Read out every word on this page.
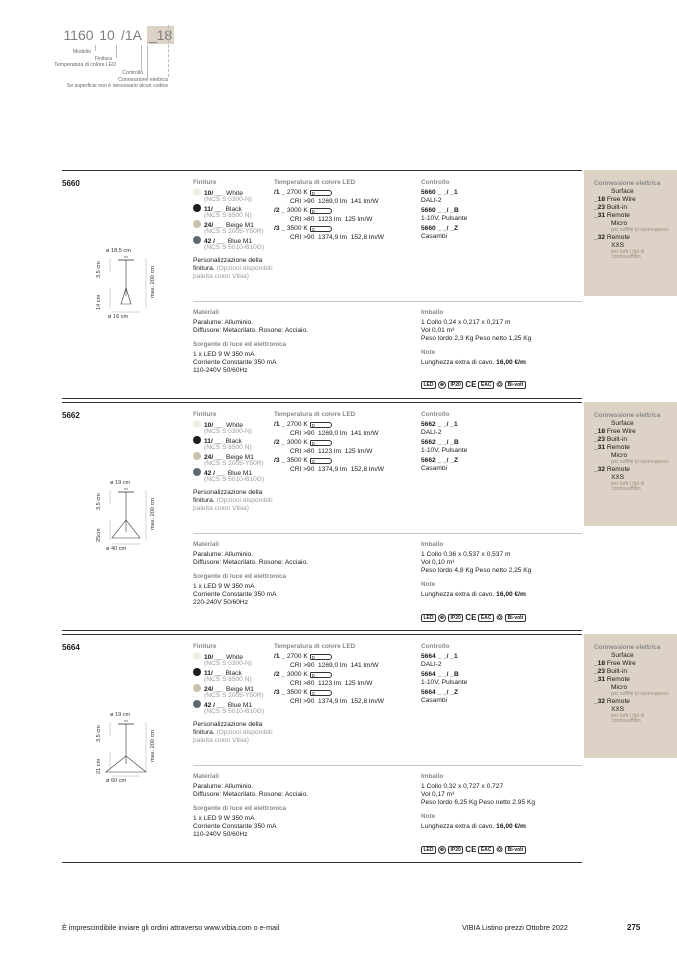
1160 10 /1A _18
Modello
Finitura
Temperatura di colore LED
Controllo
Connessione elettrica
Se superficie non è necessario alcun codice
5660
ø 18,5 cm
3,5 cm
14 cm
max. 200 cm
ø 16 cm
Finiture
10/ __ White
(NCS S 0300-N)
11/ __ Black
(NCS S 8500 N)
24/ __ Beige M1
(NCS S 2005-Y50R)
42 / __ Blue M1
(NCS S 5010-B10G)
Personalizzazione della finitura. (Opzioni disponibili: paletta colori Vibia)
Temperatura di colore LED
/1 _ 2700 K D
CRI >90 1269,0 lm 141 lm/W
/2 _ 3000 K D
CRI >80 1123 lm 125 lm/W
/3 _ 3500 K G
CRI >90 1374,9 lm 152,8 lm/W
Controllo
5660 _ _/ _1
DALI-2
5660 _ _/ _B
1-10V, Pulsante
5660 _ _/ _Z
Casambi
Connessione elettrica
Surface
_18 Free Wire
_23 Built-in
_31 Remote
Micro
per soffitti in cartongesso
_32 Remote
XXS
per tutti i tipi di controsoffitto
Materiali
Paralume: Alluminio.
Diffusore: Metacrilato. Rosone: Acciaio.
Sorgente di luce ed elettronica
1 x LED 9 W 350 mA
Corriente Constante 350 mA
110-240V 50/60Hz
Imballo
1 Collo 0,24 x 0,217 x 0,217 m
Vol 0,01 m³
Peso lordo 2,3 Kg Peso netto 1,25 Kg
Note
Lunghezza extra di cavo. 16,00 €/m
LED ⊕ IP20 CE EAC ♲ Bi-volt
5662
ø 19 cm
3,5 cm
25cm
max. 200 cm
ø 40 cm
Finiture
10/ __ White
(NCS S 0300-N)
11/ __ Black
(NCS S 8500 N)
24/ __ Beige M1
(NCS S 2005-Y50R)
42 / __ Blue M1
(NCS S 5010-B10G)
Personalizzazione della finitura. (Opzioni disponibili: paletta colori Vibia)
Temperatura di colore LED
/1 _ 2700 K D
CRI >90 1269,0 lm 141 lm/W
/2 _ 3000 K D
CRI >80 1123 lm 125 lm/W
/3 _ 3500 K G
CRI >90 1374,9 lm 152,8 lm/W
Controllo
5662 _ _/ _1
DALI-2
5662 _ _/ _B
1-10V, Pulsante
5662 _ _/ _Z
Casambi
Connessione elettrica
Surface
_18 Free Wire
_23 Built-in
_31 Remote
Micro
per soffitti in cartongesso
_32 Remote
XXS
per tutti i tipi di controsoffitto
Materiali
Paralume: Alluminio.
Diffusore: Metacrilato. Rosone: Acciaio.
Sorgente di luce ed elettronica
1 x LED 9 W 350 mA
Corriente Constante 350 mA
220-240V 50/60Hz
Imballo
1 Collo 0,36 x 0,537 x 0,537 m
Vol 0,10 m³
Peso lordo 4,8 Kg Peso netto 2,25 Kg
Note
Lunghezza extra di cavo. 16,00 €/m
LED ⊕ IP20 CE EAC ♲ Bi-volt
5664
ø 19 cm
3,5 cm
21 cm
max. 200 cm
ø 60 cm
Finiture
10/ __ White
(NCS S 0300-N)
11/ __ Black
(NCS S 8500 N)
24/ __ Beige M1
(NCS S 2005-Y50R)
42 / __ Blue M1
(NCS S 5010-B10G)
Personalizzazione della finitura. (Opzioni disponibili: paletta colori Vibia)
Temperatura di colore LED
/1 _ 2700 K D
CRI >90 1269,0 lm 141 lm/W
/2 _ 3000 K D
CRI >80 1123 lm 125 lm/W
/3 _ 3500 K G
CRI >90 1374,9 lm 152,8 lm/W
Controllo
5664 _ _/ _1
DALI-2
5664 _ _/ _B
1-10V, Pulsante
5664 _ _/ _Z
Casambi
Connessione elettrica
Surface
_18 Free Wire
_23 Built-in
_31 Remote
Micro
per soffitti in cartongesso
_32 Remote
XXS
per tutti i tipi di controsoffitto
Materiali
Paralume: Alluminio.
Diffusore: Metacrilato. Rosone: Acciaio.
Sorgente di luce ed elettronica
1 x LED 9 W 350 mA
Corriente Constante 350 mA
110-240V 50/60Hz
Imballo
1 Collo 0,32 x 0,727 x 0,727
Vol 0,17 m³
Peso lordo 6,25 Kg Peso netto 2,95 Kg
Note
Lunghezza extra di cavo. 16,00 €/m
LED ⊕ IP20 CE EAC ♲ Bi-volt
È imprescindibile inviare gli ordini attraverso www.vibia.com o e-mail	VIBIA Listino prezzi Ottobre 2022	275
